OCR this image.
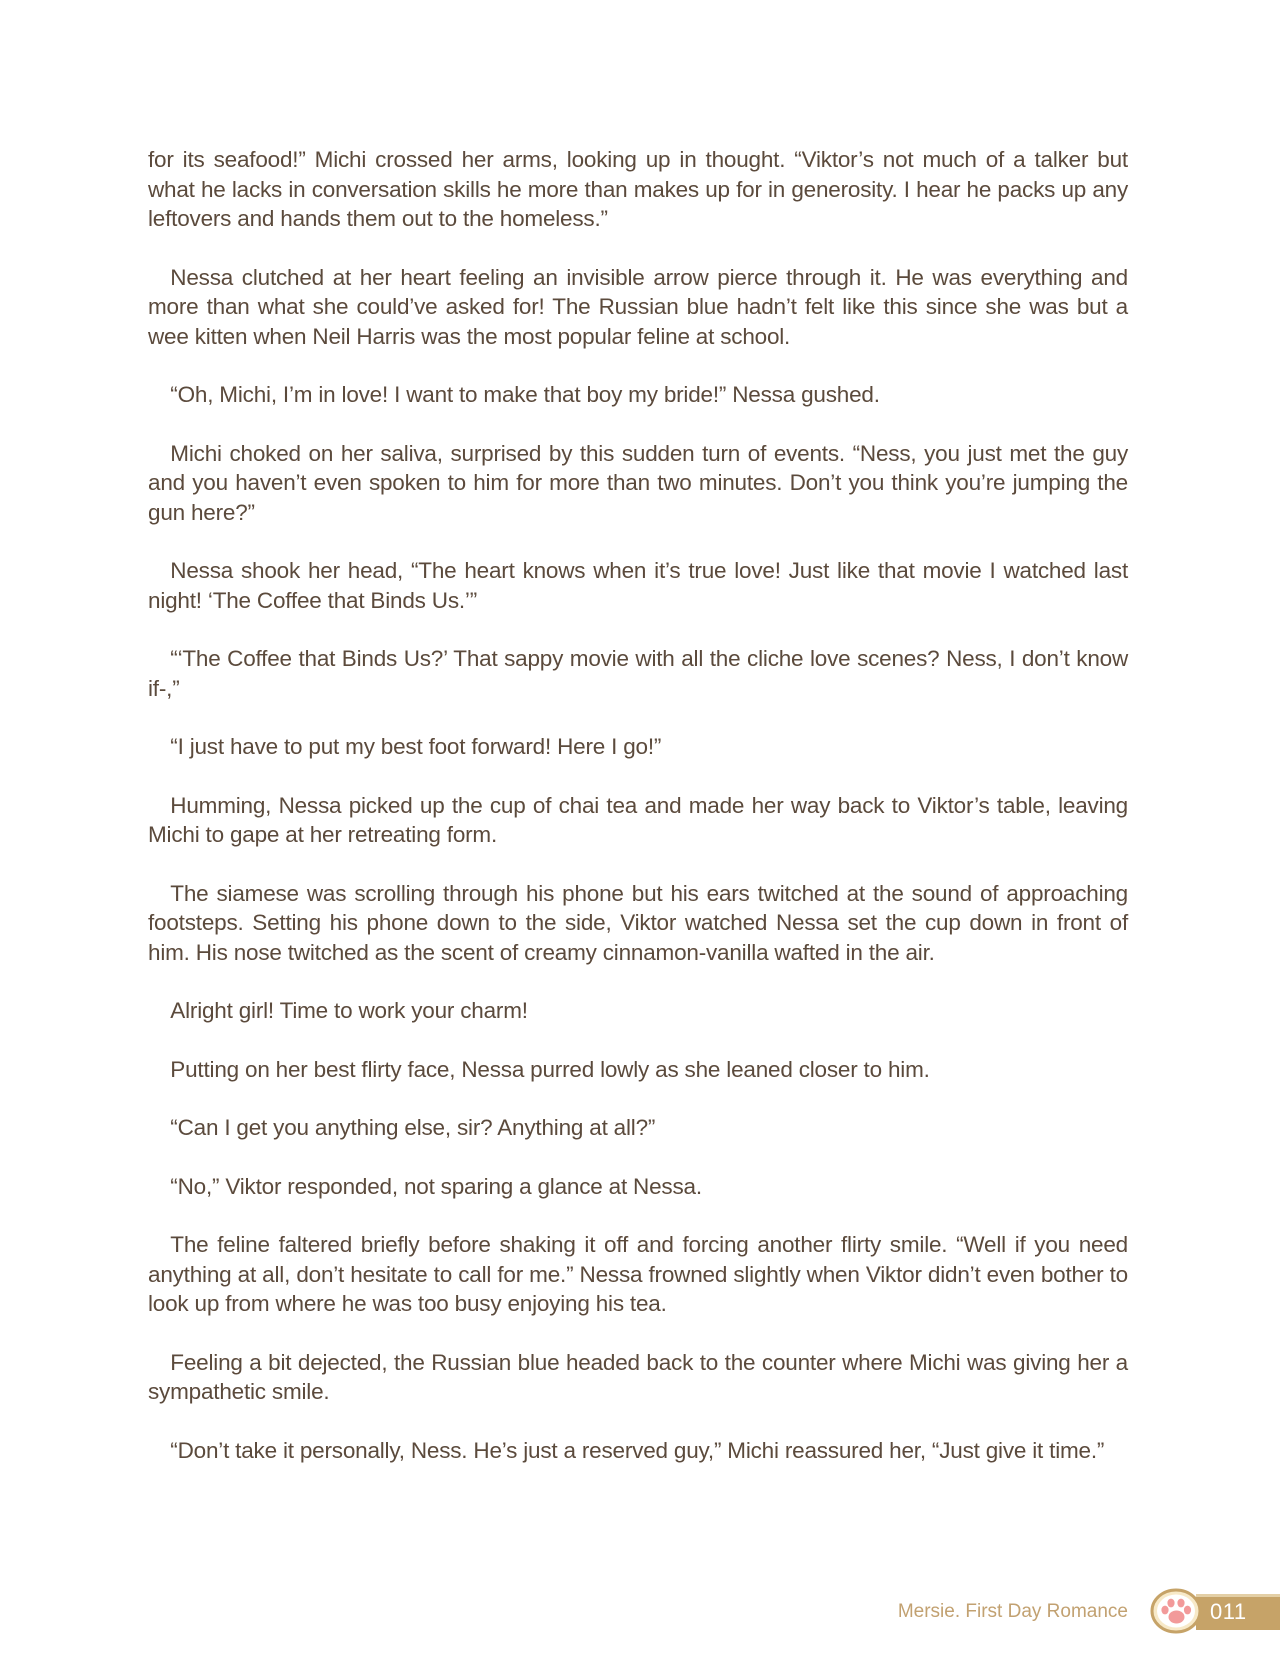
for its seafood!” Michi crossed her arms, looking up in thought. “Viktor’s not much of a talker but what he lacks in conversation skills he more than makes up for in generosity. I hear he packs up any leftovers and hands them out to the homeless.”

 Nessa clutched at her heart feeling an invisible arrow pierce through it. He was everything and more than what she could’ve asked for! The Russian blue hadn’t felt like this since she was but a wee kitten when Neil Harris was the most popular feline at school.

 “Oh, Michi, I’m in love! I want to make that boy my bride!” Nessa gushed.

 Michi choked on her saliva, surprised by this sudden turn of events. “Ness, you just met the guy and you haven’t even spoken to him for more than two minutes. Don’t you think you’re jumping the gun here?”

 Nessa shook her head, “The heart knows when it’s true love! Just like that movie I watched last night! ‘The Coffee that Binds Us.’”

 “‘The Coffee that Binds Us?’ That sappy movie with all the cliche love scenes? Ness, I don’t know if-,”

 “I just have to put my best foot forward! Here I go!”

 Humming, Nessa picked up the cup of chai tea and made her way back to Viktor’s table, leaving Michi to gape at her retreating form.

 The siamese was scrolling through his phone but his ears twitched at the sound of approaching footsteps. Setting his phone down to the side, Viktor watched Nessa set the cup down in front of him. His nose twitched as the scent of creamy cinnamon-vanilla wafted in the air.

 Alright girl! Time to work your charm!

 Putting on her best flirty face, Nessa purred lowly as she leaned closer to him.

 “Can I get you anything else, sir? Anything at all?”

 “No,” Viktor responded, not sparing a glance at Nessa.

 The feline faltered briefly before shaking it off and forcing another flirty smile. “Well if you need anything at all, don’t hesitate to call for me.” Nessa frowned slightly when Viktor didn’t even bother to look up from where he was too busy enjoying his tea.

 Feeling a bit dejected, the Russian blue headed back to the counter where Michi was giving her a sympathetic smile.

 “Don’t take it personally, Ness. He’s just a reserved guy,” Michi reassured her, “Just give it time.”

Mersie. First Day Romance	011
